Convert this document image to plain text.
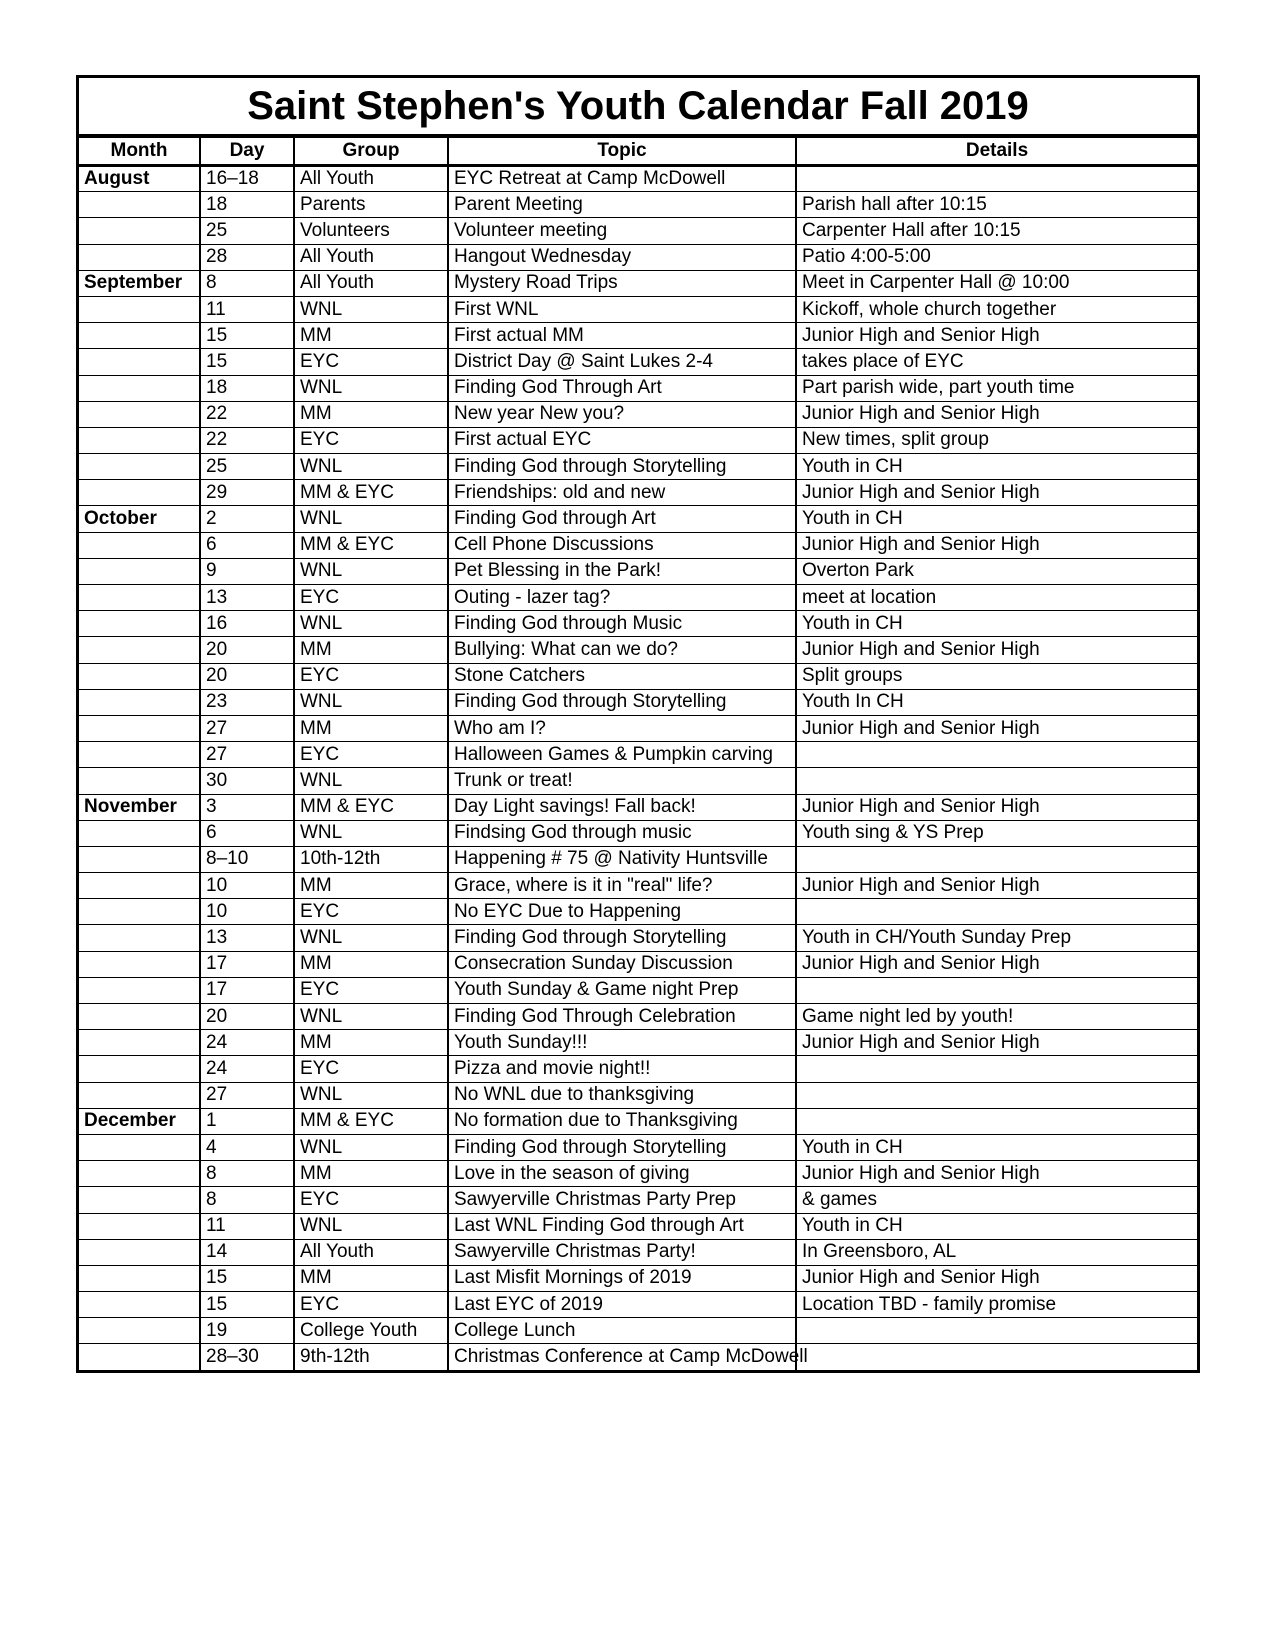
Saint Stephen's Youth Calendar Fall 2019
Month	Day	Group	Topic	Details
August	16–18	All Youth	EYC Retreat at Camp McDowell	
	18	Parents	Parent Meeting	Parish hall after 10:15
	25	Volunteers	Volunteer meeting	Carpenter Hall after 10:15
	28	All Youth	Hangout Wednesday	Patio 4:00-5:00
September	8	All Youth	Mystery Road Trips	Meet in Carpenter Hall @ 10:00
	11	WNL	First WNL	Kickoff, whole church together
	15	MM	First actual MM	Junior High and Senior High
	15	EYC	District Day @ Saint Lukes 2-4	takes place of EYC
	18	WNL	Finding God Through Art	Part parish wide, part youth time
	22	MM	New year New you?	Junior High and Senior High
	22	EYC	First actual EYC	New times, split group
	25	WNL	Finding God through Storytelling	Youth in CH
	29	MM & EYC	Friendships: old and new	Junior High and Senior High
October	2	WNL	Finding God through Art	Youth in CH
	6	MM & EYC	Cell Phone Discussions	Junior High and Senior High
	9	WNL	Pet Blessing in the Park!	Overton Park
	13	EYC	Outing - lazer tag?	meet at location
	16	WNL	Finding God through Music	Youth in CH
	20	MM	Bullying: What can we do?	Junior High and Senior High
	20	EYC	Stone Catchers	Split groups
	23	WNL	Finding God through Storytelling	Youth In CH
	27	MM	Who am I?	Junior High and Senior High
	27	EYC	Halloween Games & Pumpkin carving	
	30	WNL	Trunk or treat!	
November	3	MM & EYC	Day Light savings! Fall back!	Junior High and Senior High
	6	WNL	Findsing God through music	Youth sing & YS Prep
	8–10	10th-12th	Happening # 75 @ Nativity Huntsville	
	10	MM	Grace, where is it in "real" life?	Junior High and Senior High
	10	EYC	No EYC Due to Happening	
	13	WNL	Finding God through Storytelling	Youth in CH/Youth Sunday Prep
	17	MM	Consecration Sunday Discussion	Junior High and Senior High
	17	EYC	Youth Sunday & Game night Prep	
	20	WNL	Finding God Through Celebration	Game night led by youth!
	24	MM	Youth Sunday!!!	Junior High and Senior High
	24	EYC	Pizza and movie night!!	
	27	WNL	No WNL due to thanksgiving	
December	1	MM & EYC	No formation due to Thanksgiving	
	4	WNL	Finding God through Storytelling	Youth in CH
	8	MM	Love in the season of giving	Junior High and Senior High
	8	EYC	Sawyerville Christmas Party Prep	& games
	11	WNL	Last WNL Finding God through Art	Youth in CH
	14	All Youth	Sawyerville Christmas Party!	In Greensboro, AL
	15	MM	Last Misfit Mornings of 2019	Junior High and Senior High
	15	EYC	Last EYC of 2019	Location TBD - family promise
	19	College Youth	College Lunch	
	28–30	9th-12th	Christmas Conference at Camp McDowell	
